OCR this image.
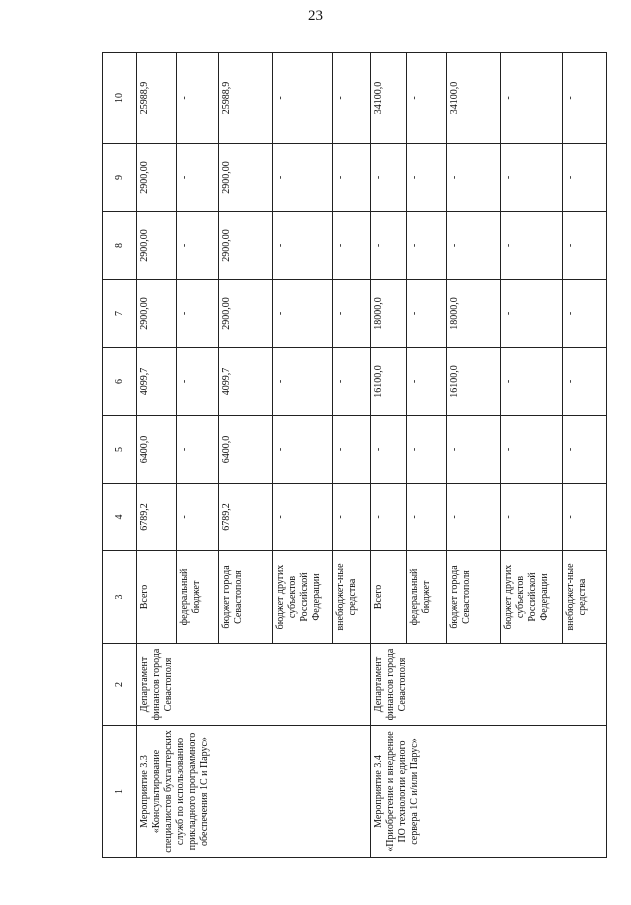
23
1	2	3	4	5	6	7	8	9	10
Мероприятие 3.3 «Консультирование специалистов бухгалтерских служб по использованию прикладного программного обеспечения 1С и Парус»	Департамент финансов города Севастополя	Всего	6789,2	6400,0	4099,7	2900,00	2900,00	2900,00	25988,9
		федеральный бюджет	-	-	-	-	-	-	-
		бюджет города Севастополя	6789,2	6400,0	4099,7	2900,00	2900,00	2900,00	25988,9
		бюджет других субъектов Российской Федерации	-	-	-	-	-	-	-
		внебюджет-ные средства	-	-	-	-	-	-	-
Мероприятие 3.4 «Приобретение и внедрение ПО технологии единого сервера 1С и/или Парус»	Департамент финансов города Севастополя	Всего	-	-	16100,0	18000,0	-	-	34100,0
		федеральный бюджет	-	-	-	-	-	-	-
		бюджет города Севастополя	-	-	16100,0	18000,0	-	-	34100,0
		бюджет других субъектов Российской Федерации	-	-	-	-	-	-	-
		внебюджет-ные средства	-	-	-	-	-	-	-
